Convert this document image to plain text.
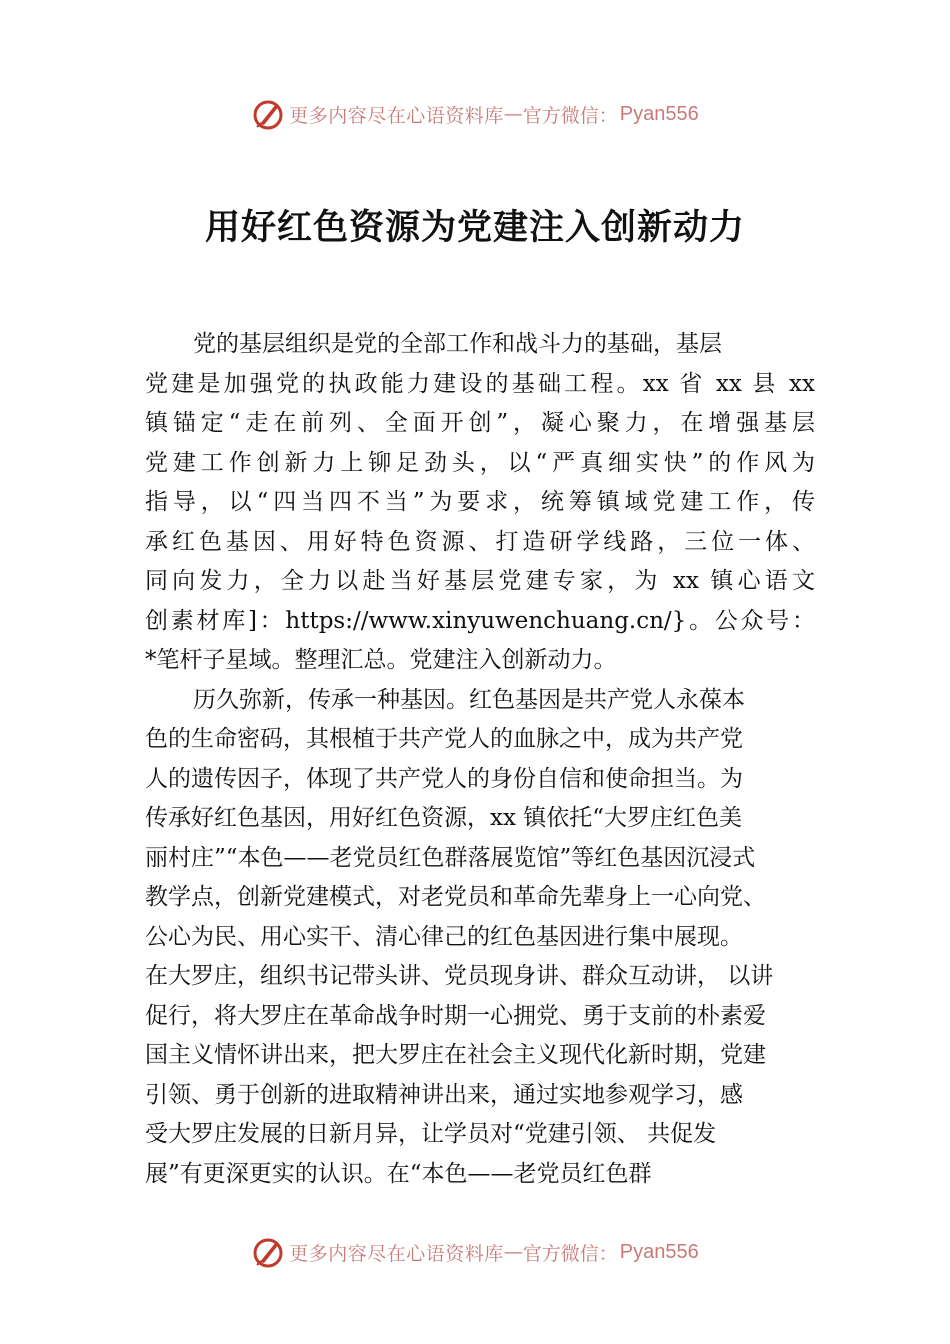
更多内容尽在心语资料库 — 官方微信： Pyan556
用好红色资源为党建注入创新动力
党的基层组织是党的全部工作和战斗力的基础，基层
党建是加强党的执政能力建设的基础工程。xx 省 xx 县 xx
镇锚定“走在前列、全面开创”，凝心聚力，在增强基层
党建工作创新力上铆足劲头，以“严真细实快”的作风为
指导，以“四当四不当”为要求，统筹镇域党建工作，传
承红色基因、用好特色资源、打造研学线路，三位一体、
同向发力，全力以赴当好基层党建专家，为 xx 镇心语文
创素材库]：https://www.xinyuwenchuang.cn/}。公众号：
*笔杆子星域。整理汇总。党建注入创新动力。
历久弥新，传承一种基因。红色基因是共产党人永葆本
色的生命密码，其根植于共产党人的血脉之中，成为共产党
人的遗传因子，体现了共产党人的身份自信和使命担当。为
传承好红色基因，用好红色资源，xx 镇依托“大罗庄红色美
丽村庄”“本色——老党员红色群落展览馆”等红色基因沉浸式
教学点，创新党建模式，对老党员和革命先辈身上一心向党、
公心为民、用心实干、清心律己的红色基因进行集中展现。
在大罗庄，组织书记带头讲、党员现身讲、群众互动讲， 以讲
促行，将大罗庄在革命战争时期一心拥党、勇于支前的朴素爱
国主义情怀讲出来，把大罗庄在社会主义现代化新时期，党建
引领、勇于创新的进取精神讲出来，通过实地参观学习，感
受大罗庄发展的日新月异，让学员对“党建引领、 共促发
展”有更深更实的认识。在“本色——老党员红色群
更多内容尽在心语资料库 — 官方微信： Pyan556
